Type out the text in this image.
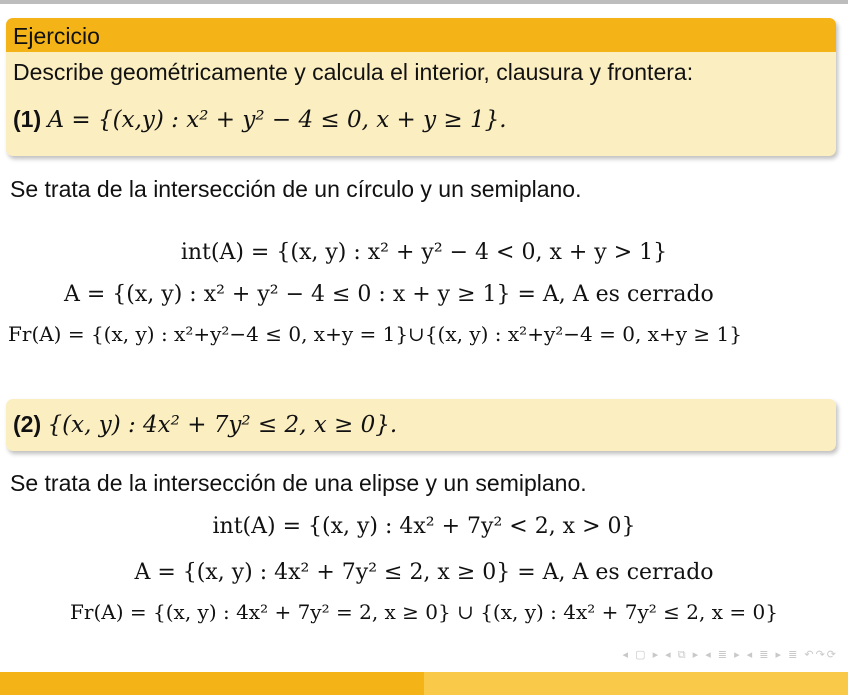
Ejercicio
Describe geométricamente y calcula el interior, clausura y frontera:
(1) A = {(x,y) : x² + y² − 4 ≤ 0, x + y ≥ 1}.
Se trata de la intersección de un círculo y un semiplano.
int(A) = {(x, y) : x² + y² − 4 < 0, x + y > 1}
A = {(x, y) : x² + y² − 4 ≤ 0 : x + y ≥ 1} = A, A es cerrado
Fr(A) = {(x, y) : x²+y²−4 ≤ 0, x+y = 1}∪{(x, y) : x²+y²−4 = 0, x+y ≥ 1}
(2) {(x, y) : 4x² + 7y² ≤ 2, x ≥ 0}.
Se trata de la intersección de una elipse y un semiplano.
int(A) = {(x, y) : 4x² + 7y² < 2, x > 0}
A = {(x, y) : 4x² + 7y² ≤ 2, x ≥ 0} = A, A es cerrado
Fr(A) = {(x, y) : 4x² + 7y² = 2, x ≥ 0} ∪ {(x, y) : 4x² + 7y² ≤ 2, x = 0}
◂ ▢ ▸ ◂ ⧉ ▸ ◂ ≣ ▸ ◂ ≣ ▸ ≣ ↶↷⟳
